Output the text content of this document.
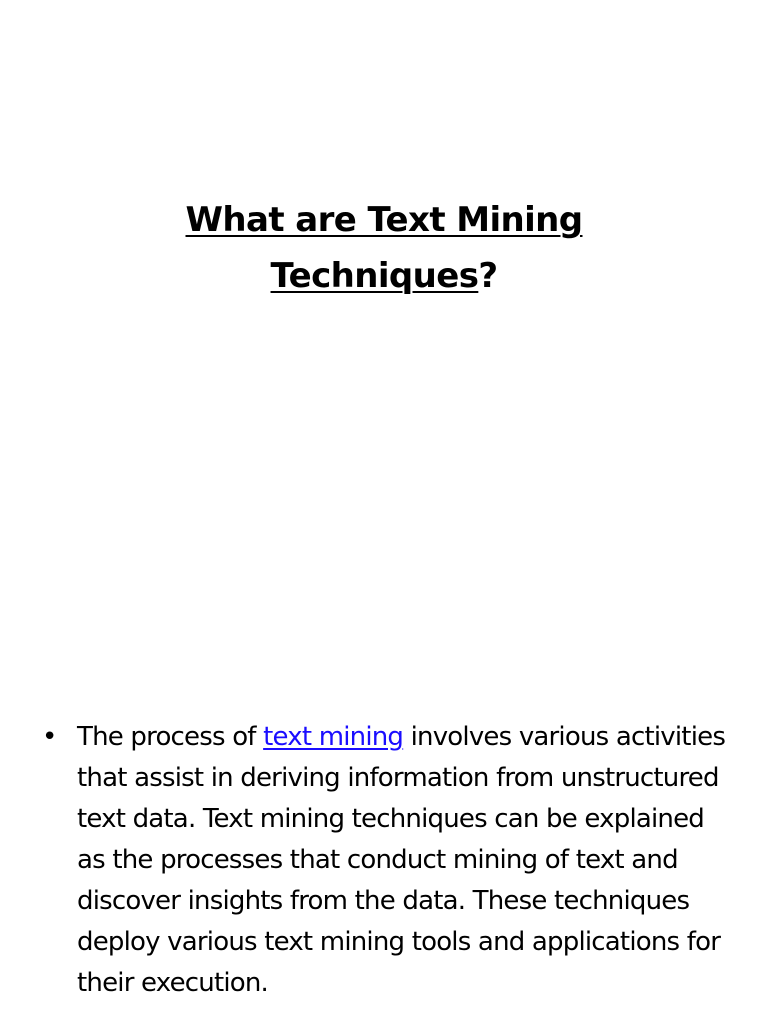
What are Text Mining
Techniques?
• The process of text mining involves various activities that assist in deriving information from unstructured text data. Text mining techniques can be explained as the processes that conduct mining of text and discover insights from the data. These techniques deploy various text mining tools and applications for their execution.
